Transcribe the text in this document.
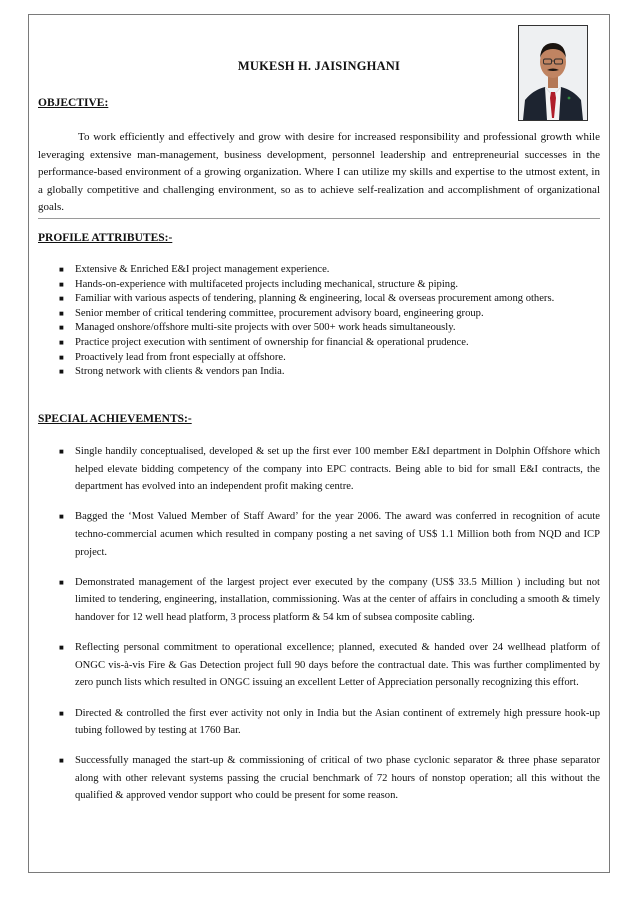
MUKESH H. JAISINGHANI
OBJECTIVE:

To work efficiently and effectively and grow with desire for increased responsibility and professional growth while leveraging extensive man-management, business development, personnel leadership and entrepreneurial successes in the performance-based environment of a growing organization. Where I can utilize my skills and expertise to the utmost extent, in a globally competitive and challenging environment, so as to achieve self-realization and accomplishment of organizational goals.

PROFILE ATTRIBUTES:-
■ Extensive & Enriched E&I project management experience.
■ Hands-on-experience with multifaceted projects including mechanical, structure & piping.
■ Familiar with various aspects of tendering, planning & engineering, local & overseas procurement among others.
■ Senior member of critical tendering committee, procurement advisory board, engineering group.
■ Managed onshore/offshore multi-site projects with over 500+ work heads simultaneously.
■ Practice project execution with sentiment of ownership for financial & operational prudence.
■ Proactively lead from front especially at offshore.
■ Strong network with clients & vendors pan India.
SPECIAL ACHIEVEMENTS:-
■ Single handily conceptualised, developed & set up the first ever 100 member E&I department in Dolphin Offshore which helped elevate bidding competency of the company into EPC contracts. Being able to bid for small E&I contracts, the department has evolved into an independent profit making centre.
■ Bagged the ‘Most Valued Member of Staff Award’ for the year 2006. The award was conferred in recognition of acute techno-commercial acumen which resulted in company posting a net saving of US$ 1.1 Million both from NQD and ICP project.
■ Demonstrated management of the largest project ever executed by the company (US$ 33.5 Million ) including but not limited to tendering, engineering, installation, commissioning. Was at the center of affairs in concluding a smooth & timely handover for 12 well head platform, 3 process platform & 54 km of subsea composite cabling.
■ Reflecting personal commitment to operational excellence; planned, executed & handed over 24 wellhead platform of ONGC vis-à-vis Fire & Gas Detection project full 90 days before the contractual date. This was further complimented by zero punch lists which resulted in ONGC issuing an excellent Letter of Appreciation personally recognizing this effort.
■ Directed & controlled the first ever activity not only in India but the Asian continent of extremely high pressure hook-up tubing followed by testing at 1760 Bar.
■ Successfully managed the start-up & commissioning of critical of two phase cyclonic separator & three phase separator along with other relevant systems passing the crucial benchmark of 72 hours of nonstop operation; all this without the qualified & approved vendor support who could be present for some reason.
